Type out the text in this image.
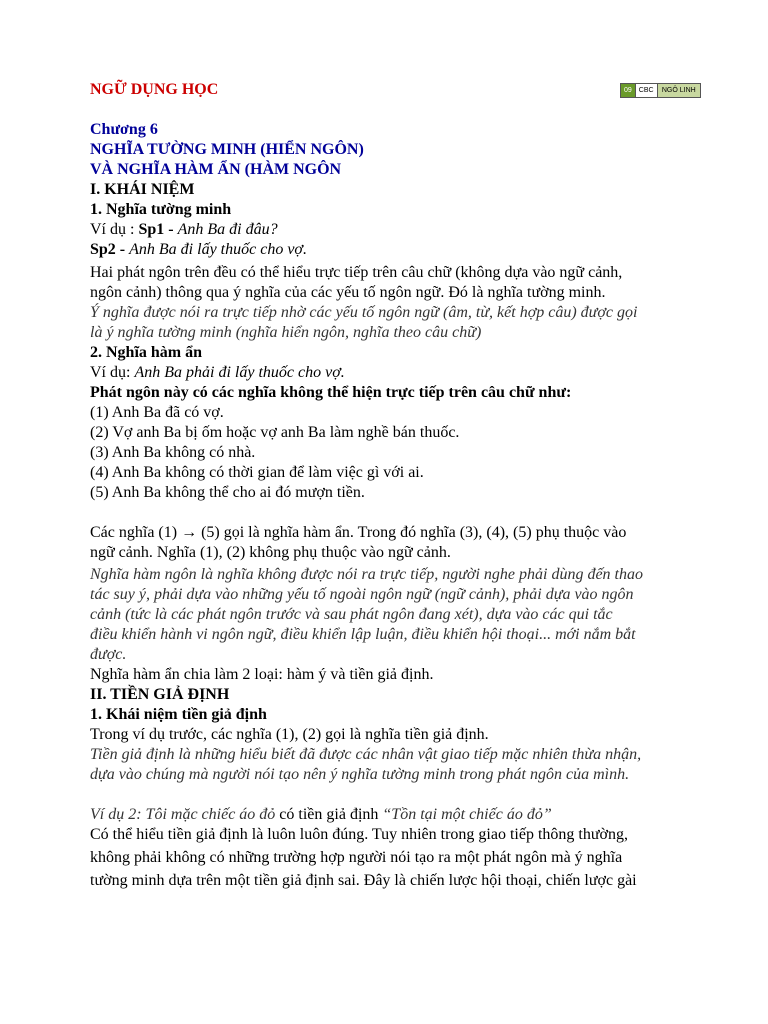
09	CBC	NGÔ LINH
NGỮ DỤNG HỌC
Chương 6
NGHĨA TƯỜNG MINH (HIỂN NGÔN)
VÀ NGHĨA HÀM ẨN (HÀM NGÔN
I. KHÁI NIỆM
1. Nghĩa tường minh
Ví dụ : Sp1 - Anh Ba đi đâu?
Sp2 - Anh Ba đi lấy thuốc cho vợ.
Hai phát ngôn trên đều có thể hiểu trực tiếp trên câu chữ (không dựa vào ngữ cảnh,
ngôn cảnh) thông qua ý nghĩa của các yếu tố ngôn ngữ. Đó là nghĩa tường minh.
Ý nghĩa được nói ra trực tiếp nhờ các yếu tố ngôn ngữ (âm, từ, kết hợp câu) được gọi
là ý nghĩa tường minh (nghĩa hiển ngôn, nghĩa theo câu chữ)
2. Nghĩa hàm ẩn
Ví dụ: Anh Ba phải đi lấy thuốc cho vợ.
Phát ngôn này có các nghĩa không thể hiện trực tiếp trên câu chữ như:
(1) Anh Ba đã có vợ.
(2) Vợ anh Ba bị ốm hoặc vợ anh Ba làm nghề bán thuốc.
(3) Anh Ba không có nhà.
(4) Anh Ba không có thời gian để làm việc gì với ai.
(5) Anh Ba không thể cho ai đó mượn tiền.
Các nghĩa (1) → (5) gọi là nghĩa hàm ẩn. Trong đó nghĩa (3), (4), (5) phụ thuộc vào
ngữ cảnh. Nghĩa (1), (2) không phụ thuộc vào ngữ cảnh.
Nghĩa hàm ngôn là nghĩa không được nói ra trực tiếp, người nghe phải dùng đến thao
tác suy ý, phải dựa vào những yếu tố ngoài ngôn ngữ (ngữ cảnh), phải dựa vào ngôn
cảnh (tức là các phát ngôn trước và sau phát ngôn đang xét), dựa vào các qui tắc
điều khiển hành vi ngôn ngữ, điều khiển lập luận, điều khiển hội thoại... mới nắm bắt
được.
Nghĩa hàm ẩn chia làm 2 loại: hàm ý và tiền giả định.
II. TIỀN GIẢ ĐỊNH
1. Khái niệm tiền giả định
Trong ví dụ trước, các nghĩa (1), (2) gọi là nghĩa tiền giả định.
Tiền giả định là những hiểu biết đã được các nhân vật giao tiếp mặc nhiên thừa nhận,
dựa vào chúng mà người nói tạo nên ý nghĩa tường minh trong phát ngôn của mình.
Ví dụ 2: Tôi mặc chiếc áo đỏ có tiền giả định “Tồn tại một chiếc áo đỏ”
Có thể hiểu tiền giả định là luôn luôn đúng. Tuy nhiên trong giao tiếp thông thường,
không phải không có những trường hợp người nói tạo ra một phát ngôn mà ý nghĩa
tường minh dựa trên một tiền giả định sai. Đây là chiến lược hội thoại, chiến lược gài
